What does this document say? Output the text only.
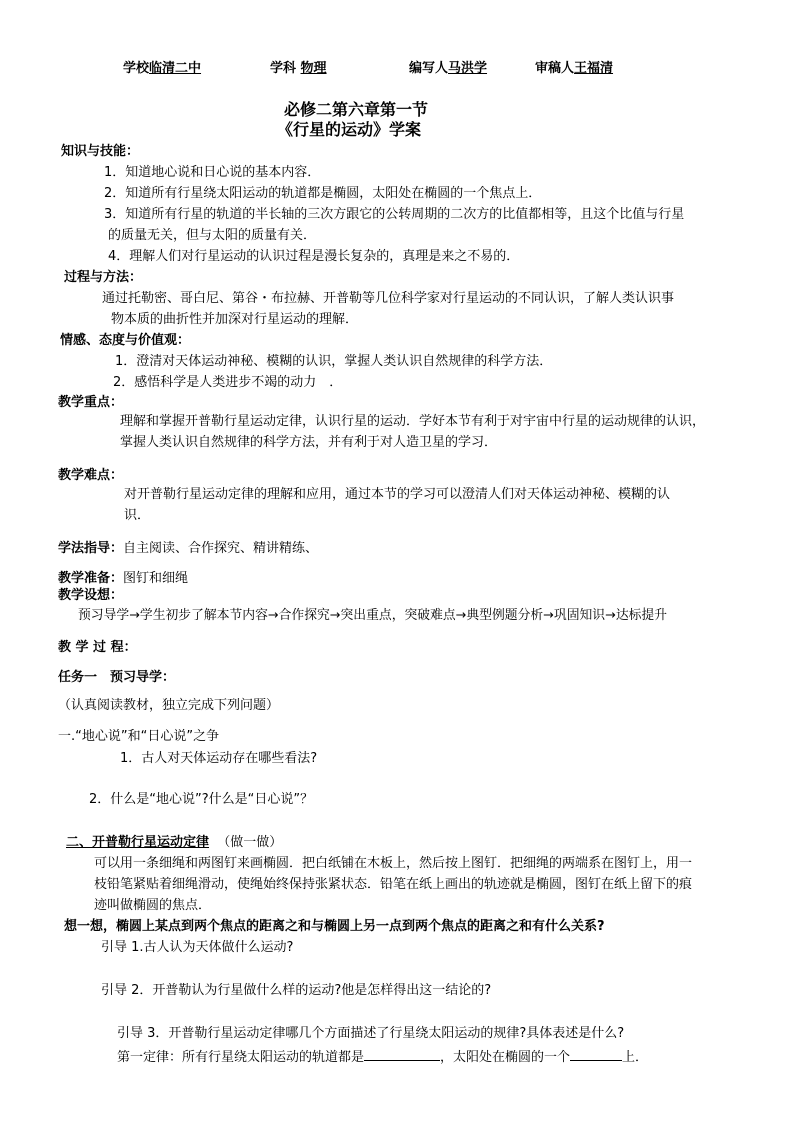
学校临清二中	学科 物理	编写人马洪学	审稿人王福清
必修二第六章第一节
《行星的运动》学案
知识与技能：
1．知道地心说和日心说的基本内容．
2．知道所有行星绕太阳运动的轨道都是椭圆，太阳处在椭圆的一个焦点上．
3．知道所有行星的轨道的半长轴的三次方跟它的公转周期的二次方的比值都相等，且这个比值与行星
的质量无关，但与太阳的质量有关．
4．理解人们对行星运动的认识过程是漫长复杂的，真理是来之不易的．
过程与方法：
通过托勒密、哥白尼、第谷・布拉赫、开普勒等几位科学家对行星运动的不同认识，了解人类认识事
物本质的曲折性并加深对行星运动的理解．
情感、态度与价值观：
1．澄清对天体运动神秘、模糊的认识，掌握人类认识自然规律的科学方法．
2．感悟科学是人类进步不竭的动力　．
教学重点：
理解和掌握开普勒行星运动定律，认识行星的运动．学好本节有利于对宇宙中行星的运动规律的认识，
掌握人类认识自然规律的科学方法，并有利于对人造卫星的学习．
教学难点：
对开普勒行星运动定律的理解和应用，通过本节的学习可以澄清人们对天体运动神秘、模糊的认
识．
学法指导：自主阅读、合作探究、精讲精练、
教学准备：图钉和细绳
教学设想：
预习导学→学生初步了解本节内容→合作探究→突出重点，突破难点→典型例题分析→巩固知识→达标提升
教 学 过 程：
任务一　预习导学：
（认真阅读教材，独立完成下列问题）
一.“地心说”和“日心说”之争
1．古人对天体运动存在哪些看法?
2．什么是“地心说”?什么是“日心说”？
二、开普勒行星运动定律 （做一做）
可以用一条细绳和两图钉来画椭圆．把白纸铺在木板上，然后按上图钉．把细绳的两端系在图钉上，用一
枝铅笔紧贴着细绳滑动，使绳始终保持张紧状态．铅笔在纸上画出的轨迹就是椭圆，图钉在纸上留下的痕
迹叫做椭圆的焦点．
想一想，椭圆上某点到两个焦点的距离之和与椭圆上另一点到两个焦点的距离之和有什么关系?
引导 1.古人认为天体做什么运动?
引导 2．开普勒认为行星做什么样的运动?他是怎样得出这一结论的?
引导 3．开普勒行星运动定律哪几个方面描述了行星绕太阳运动的规律?具体表述是什么?
第一定律：所有行星绕太阳运动的轨道都是	，太阳处在椭圆的一个	上．
